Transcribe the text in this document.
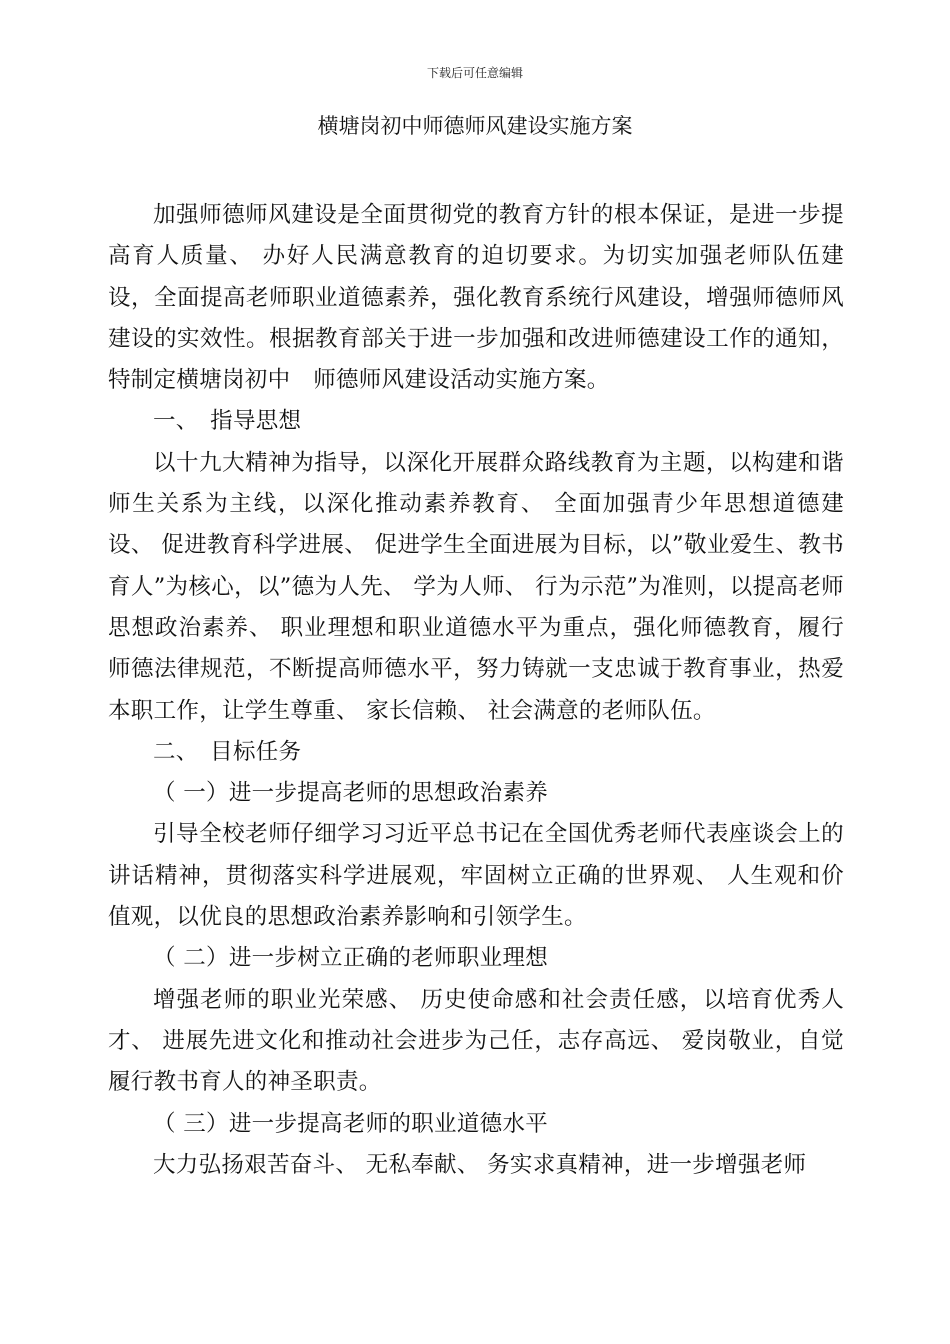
下载后可任意编辑
横塘岗初中师德师风建设实施方案

加强师德师风建设是全面贯彻党的教育方针的根本保证，是进一步提高育人质量、 办好人民满意教育的迫切要求。为切实加强老师队伍建设，全面提高老师职业道德素养，强化教育系统行风建设，增强师德师风建设的实效性。根据教育部关于进一步加强和改进师德建设工作的通知，特制定横塘岗初中　师德师风建设活动实施方案。

一、　指导思想

以十九大精神为指导，以深化开展群众路线教育为主题，以构建和谐师生关系为主线，以深化推动素养教育、 全面加强青少年思想道德建设、 促进教育科学进展、 促进学生全面进展为目标，以”敬业爱生、教书育人”为核心，以”德为人先、 学为人师、 行为示范”为准则，以提高老师思想政治素养、 职业理想和职业道德水平为重点，强化师德教育，履行师德法律规范，不断提高师德水平，努力铸就一支忠诚于教育事业，热爱本职工作，让学生尊重、 家长信赖、 社会满意的老师队伍。

二、　目标任务

（ 一）进一步提高老师的思想政治素养

引导全校老师仔细学习习近平总书记在全国优秀老师代表座谈会上的讲话精神，贯彻落实科学进展观，牢固树立正确的世界观、 人生观和价值观，以优良的思想政治素养影响和引领学生。

（ 二）进一步树立正确的老师职业理想

增强老师的职业光荣感、 历史使命感和社会责任感，以培育优秀人才、 进展先进文化和推动社会进步为己任，志存高远、 爱岗敬业，自觉履行教书育人的神圣职责。

（ 三）进一步提高老师的职业道德水平

大力弘扬艰苦奋斗、 无私奉献、 务实求真精神，进一步增强老师
